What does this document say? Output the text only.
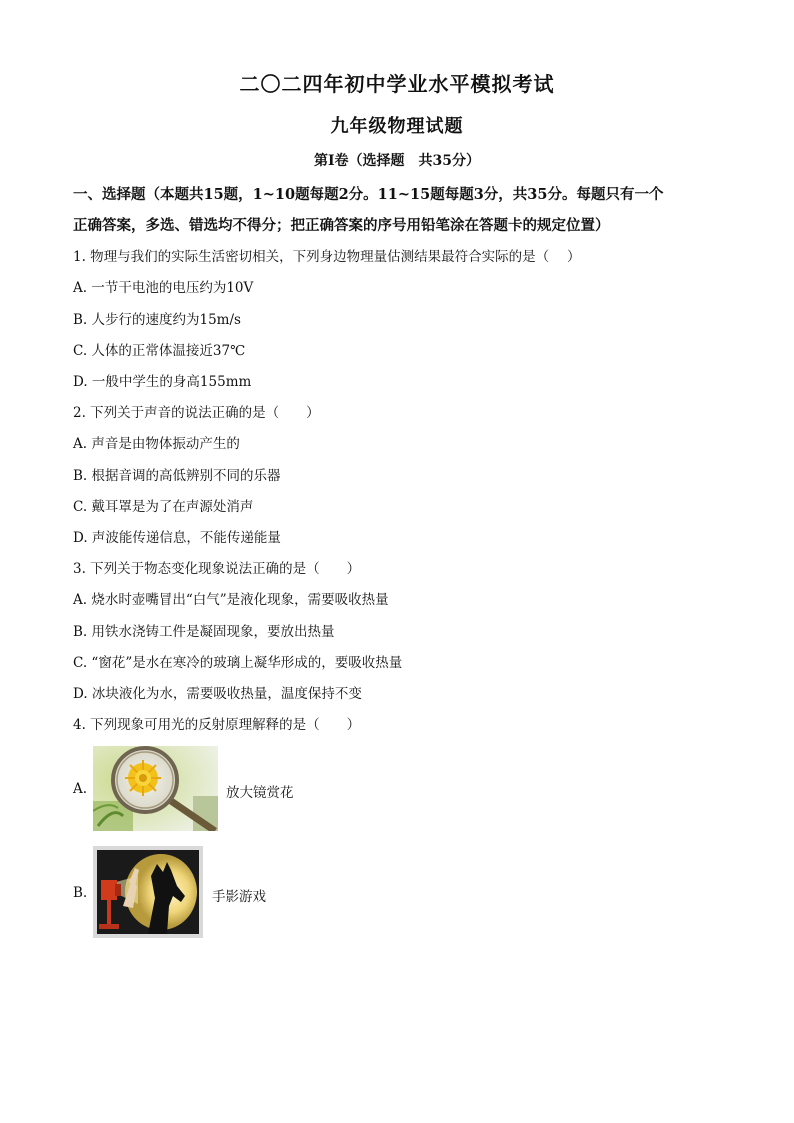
二〇二四年初中学业水平模拟考试
九年级物理试题
第Ⅰ卷（选择题　共35分）
一、选择题（本题共15题，1~10题每题2分。11~15题每题3分，共35分。每题只有一个
正确答案，多选、错选均不得分；把正确答案的序号用铅笔涂在答题卡的规定位置）
1. 物理与我们的实际生活密切相关，下列身边物理量估测结果最符合实际的是（　 ）
A. 一节干电池的电压约为10V
B. 人步行的速度约为15m/s
C. 人体的正常体温接近37℃
D. 一般中学生的身高155mm
2. 下列关于声音的说法正确的是（　　）
A. 声音是由物体振动产生的
B. 根据音调的高低辨别不同的乐器
C. 戴耳罩是为了在声源处消声
D. 声波能传递信息，不能传递能量
3. 下列关于物态变化现象说法正确的是（　　）
A. 烧水时壶嘴冒出“白气”是液化现象，需要吸收热量
B. 用铁水浇铸工件是凝固现象，要放出热量
C. “窗花”是水在寒冷的玻璃上凝华形成的，要吸收热量
D. 冰块液化为水，需要吸收热量，温度保持不变
4. 下列现象可用光的反射原理解释的是（　　）
A.	放大镜赏花
B.	手影游戏
